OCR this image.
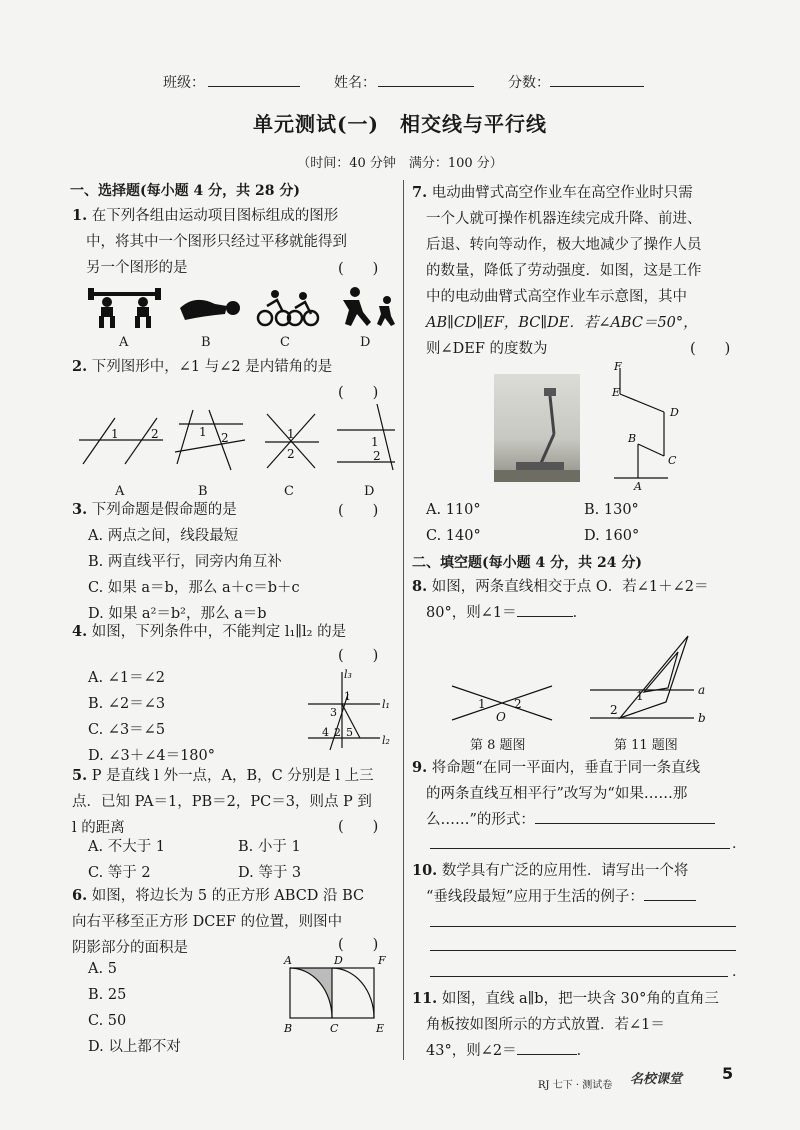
班级：	姓名：	分数：
单元测试(一)　相交线与平行线
（时间：40 分钟　满分：100 分）
一、选择题(每小题 4 分，共 28 分)
1. 在下列各组由运动项目图标组成的图形
中，将其中一个图形只经过平移就能得到
另一个图形的是	(　　)
A	B	C	D
2. 下列图形中，∠1 与∠2 是内错角的是
(　　)
1	2	1 2	1
2
1
2
A	B	C	D
3. 下列命题是假命题的是
A. 两点之间，线段最短
B. 两直线平行，同旁内角互补
C. 如果 a＝b，那么 a＋c＝b＋c
D. 如果 a²＝b²，那么 a＝b
(　　)
4. 如图，下列条件中，不能判定 l₁∥l₂ 的是
(　　)
A. ∠1＝∠2
B. ∠2＝∠3
C. ∠3＝∠5
D. ∠3＋∠4＝180°
l₃
l₁
l₂
1
3
4 2 5
5. P 是直线 l 外一点，A，B，C 分别是 l 上三
点．已知 PA＝1，PB＝2，PC＝3，则点 P 到
l 的距离	(　　)
A. 不大于 1	B. 小于 1
C. 等于 2	D. 等于 3
6. 如图，将边长为 5 的正方形 ABCD 沿 BC
向右平移至正方形 DCEF 的位置，则图中
阴影部分的面积是	(　　)
A. 5
B. 25
C. 50
D. 以上都不对
A	D	F
B	C	E
7. 电动曲臂式高空作业车在高空作业时只需
一个人就可操作机器连续完成升降、前进、
后退、转向等动作，极大地减少了操作人员
的数量，降低了劳动强度．如图，这是工作
中的电动曲臂式高空作业车示意图，其中
AB∥CD∥EF，BC∥DE．若∠ABC＝50°，
则∠DEF 的度数为	(　　)
F
E
D
B
C
A
A. 110°	B. 130°
C. 140°	D. 160°
二、填空题(每小题 4 分，共 24 分)
8. 如图，两条直线相交于点 O．若∠1＋∠2＝
80°，则∠1＝	．
1 2
O
第 8 题图
a
b
1
2
第 11 题图
9. 将命题“在同一平面内，垂直于同一条直线
的两条直线互相平行”改写为“如果……那
么……”的形式：
.
10. 数学具有广泛的应用性．请写出一个将
“垂线段最短”应用于生活的例子：
.
11. 如图，直线 a∥b，把一块含 30°角的直角三
角板按如图所示的方式放置．若∠1＝
43°，则∠2＝	．
RJ 七下 · 测试卷 名校课堂 5
